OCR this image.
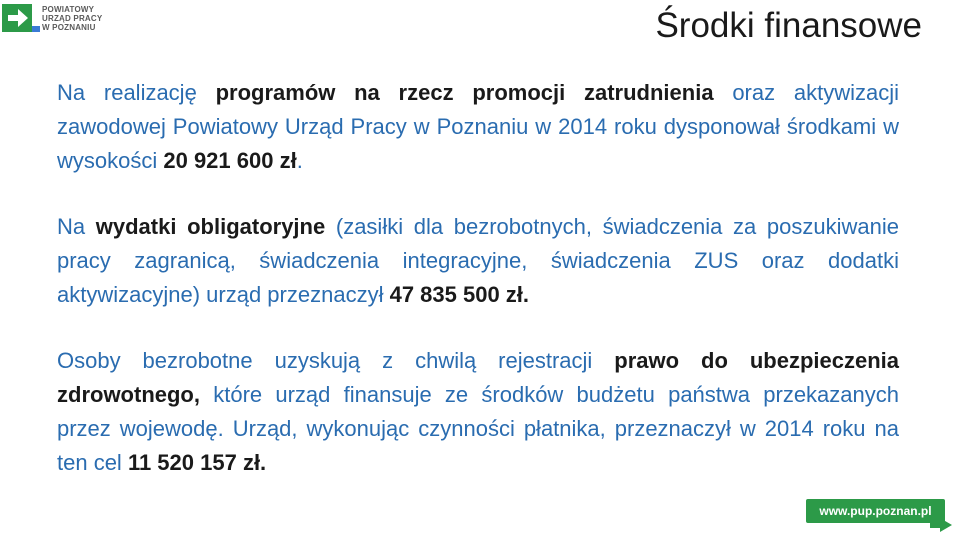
POWIATOWY
URZĄD PRACY
W POZNANIU	Środki finansowe

Na realizację programów na rzecz promocji zatrudnienia oraz aktywizacji zawodowej Powiatowy Urząd Pracy w Poznaniu w 2014 roku dysponował środkami w wysokości 20 921 600 zł.

Na wydatki obligatoryjne (zasiłki dla bezrobotnych, świadczenia za poszukiwanie pracy zagranicą, świadczenia integracyjne, świadczenia ZUS oraz dodatki aktywizacyjne) urząd przeznaczył 47 835 500 zł.

Osoby bezrobotne uzyskują z chwilą rejestracji prawo do ubezpieczenia zdrowotnego, które urząd finansuje ze środków budżetu państwa przekazanych przez wojewodę. Urząd, wykonując czynności płatnika, przeznaczył w 2014 roku na ten cel 11 520 157 zł.

www.pup.poznan.pl
